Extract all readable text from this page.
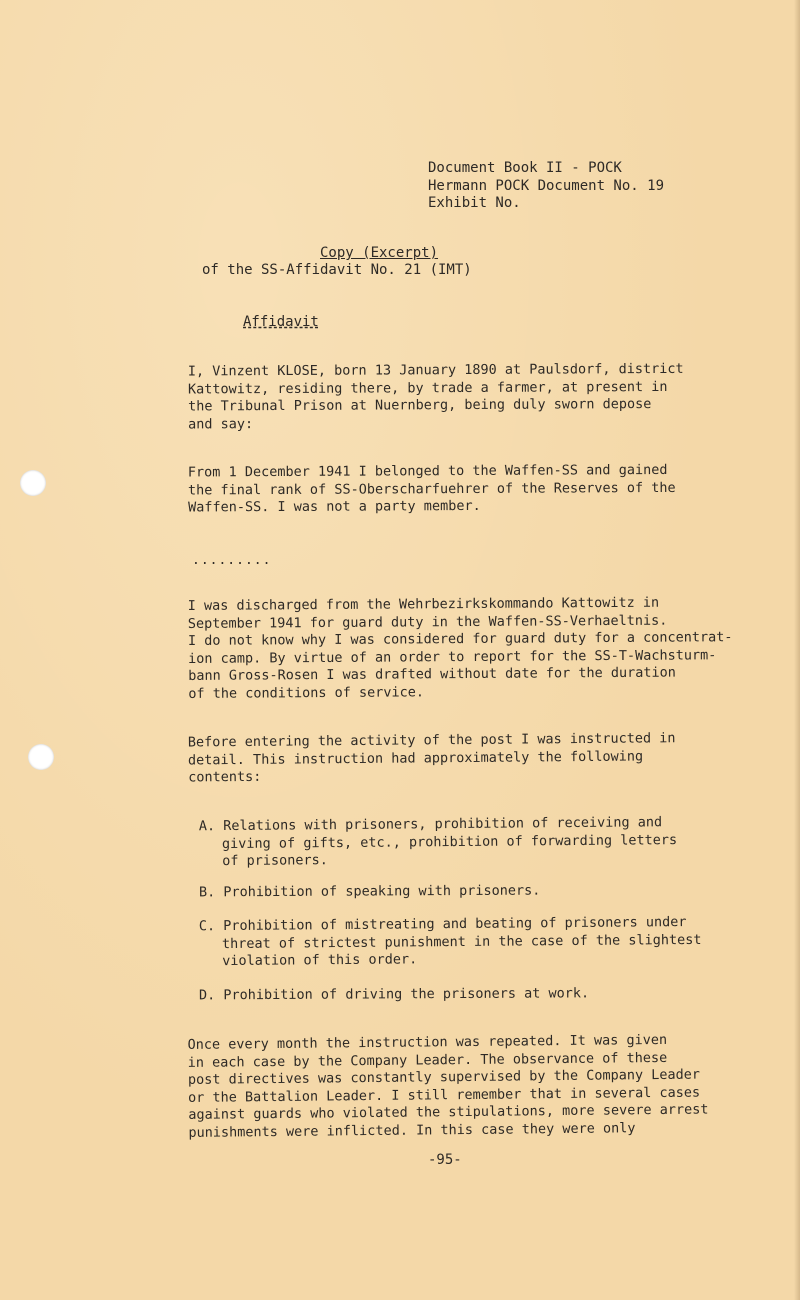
Document Book II - POCK
Hermann POCK Document No. 19
Exhibit No.
Copy (Excerpt)
of the SS-Affidavit No. 21 (IMT)
Affidavit
I, Vinzent KLOSE, born 13 January 1890 at Paulsdorf, district
Kattowitz, residing there, by trade a farmer, at present in
the Tribunal Prison at Nuernberg, being duly sworn depose
and say:
From 1 December 1941 I belonged to the Waffen-SS and gained
the final rank of SS-Oberscharfuehrer of the Reserves of the
Waffen-SS. I was not a party member.
.........
I was discharged from the Wehrbezirkskommando Kattowitz in
September 1941 for guard duty in the Waffen-SS-Verhaeltnis.
I do not know why I was considered for guard duty for a concentrat-
ion camp. By virtue of an order to report for the SS-T-Wachsturm-
bann Gross-Rosen I was drafted without date for the duration
of the conditions of service.
Before entering the activity of the post I was instructed in
detail. This instruction had approximately the following
contents:
A. Relations with prisoners, prohibition of receiving and
giving of gifts, etc., prohibition of forwarding letters
of prisoners.
B. Prohibition of speaking with prisoners.
C. Prohibition of mistreating and beating of prisoners under
threat of strictest punishment in the case of the slightest
violation of this order.
D. Prohibition of driving the prisoners at work.
Once every month the instruction was repeated. It was given
in each case by the Company Leader. The observance of these
post directives was constantly supervised by the Company Leader
or the Battalion Leader. I still remember that in several cases
against guards who violated the stipulations, more severe arrest
punishments were inflicted. In this case they were only
-95-
